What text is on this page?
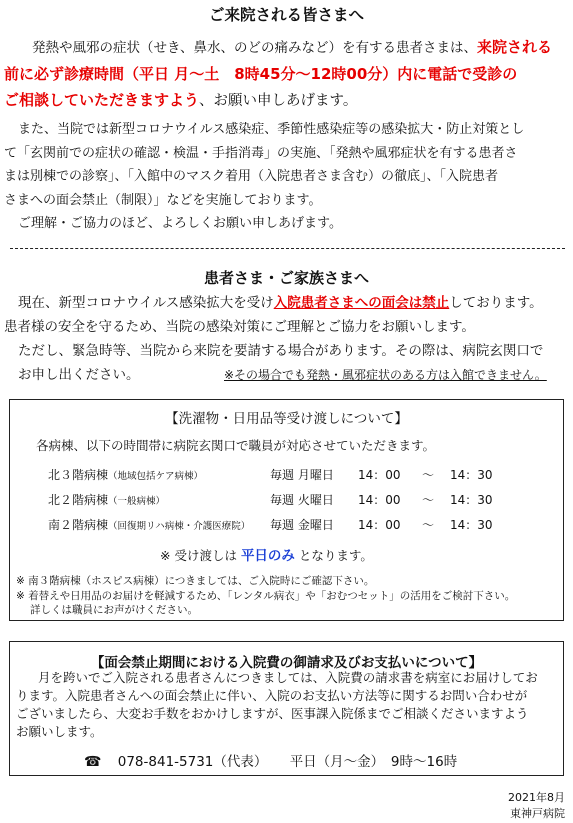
ご来院される皆さまへ
発熱や風邪の症状（せき、鼻水、のどの痛みなど）を有する患者さまは、来院される
前に必ず診療時間（平日 月～土　8時45分～12時00分）内に電話で受診の
ご相談していただきますよう、お願い申しあげます。
また、当院では新型コロナウイルス感染症、季節性感染症等の感染拡大・防止対策とし
て「玄関前での症状の確認・検温・手指消毒」の実施、「発熱や風邪症状を有する患者さ
まは別棟での診察」、「入館中のマスク着用（入院患者さま含む）の徹底」、「入院患者
さまへの面会禁止（制限）」などを実施しております。
ご理解・ご協力のほど、よろしくお願い申しあげます。
患者さま・ご家族さまへ
現在、新型コロナウイルス感染拡大を受け入院患者さまへの面会は禁止しております。
患者様の安全を守るため、当院の感染対策にご理解とご協力をお願いします。
ただし、緊急時等、当院から来院を要請する場合があります。その際は、病院玄関口で
お申し出ください。	※その場合でも発熱・風邪症状のある方は入館できません。
【洗濯物・日用品等受け渡しについて】
各病棟、以下の時間帯に病院玄関口で職員が対応させていただきます。
北３階病棟（地域包括ケア病棟）	毎週 月曜日 14：00 ～ 14：30
北２階病棟（一般病棟）	毎週 火曜日 14：00 ～ 14：30
南２階病棟（回復期リハ病棟・介護医療院） 毎週 金曜日 14：00 ～ 14：30
※ 受け渡しは 平日のみ となります。
※ 南３階病棟（ホスピス病棟）につきましては、ご入院時にご確認下さい。
※ 着替えや日用品のお届けを軽減するため、「レンタル病衣」や「おむつセット」の活用をご検討下さい。
詳しくは職員にお声がけください。
【面会禁止期間における入院費の御請求及びお支払いについて】
月を跨いでご入院される患者さんにつきましては、入院費の請求書を病室にお届けしてお
ります。入院患者さんへの面会禁止に伴い、入院のお支払い方法等に関するお問い合わせが
ございましたら、大変お手数をおかけしますが、医事課入院係までご相談くださいますよう
お願いします。
☎ 078-841-5731（代表） 平日（月～金）　9時～16時
2021年8月
東神戸病院
